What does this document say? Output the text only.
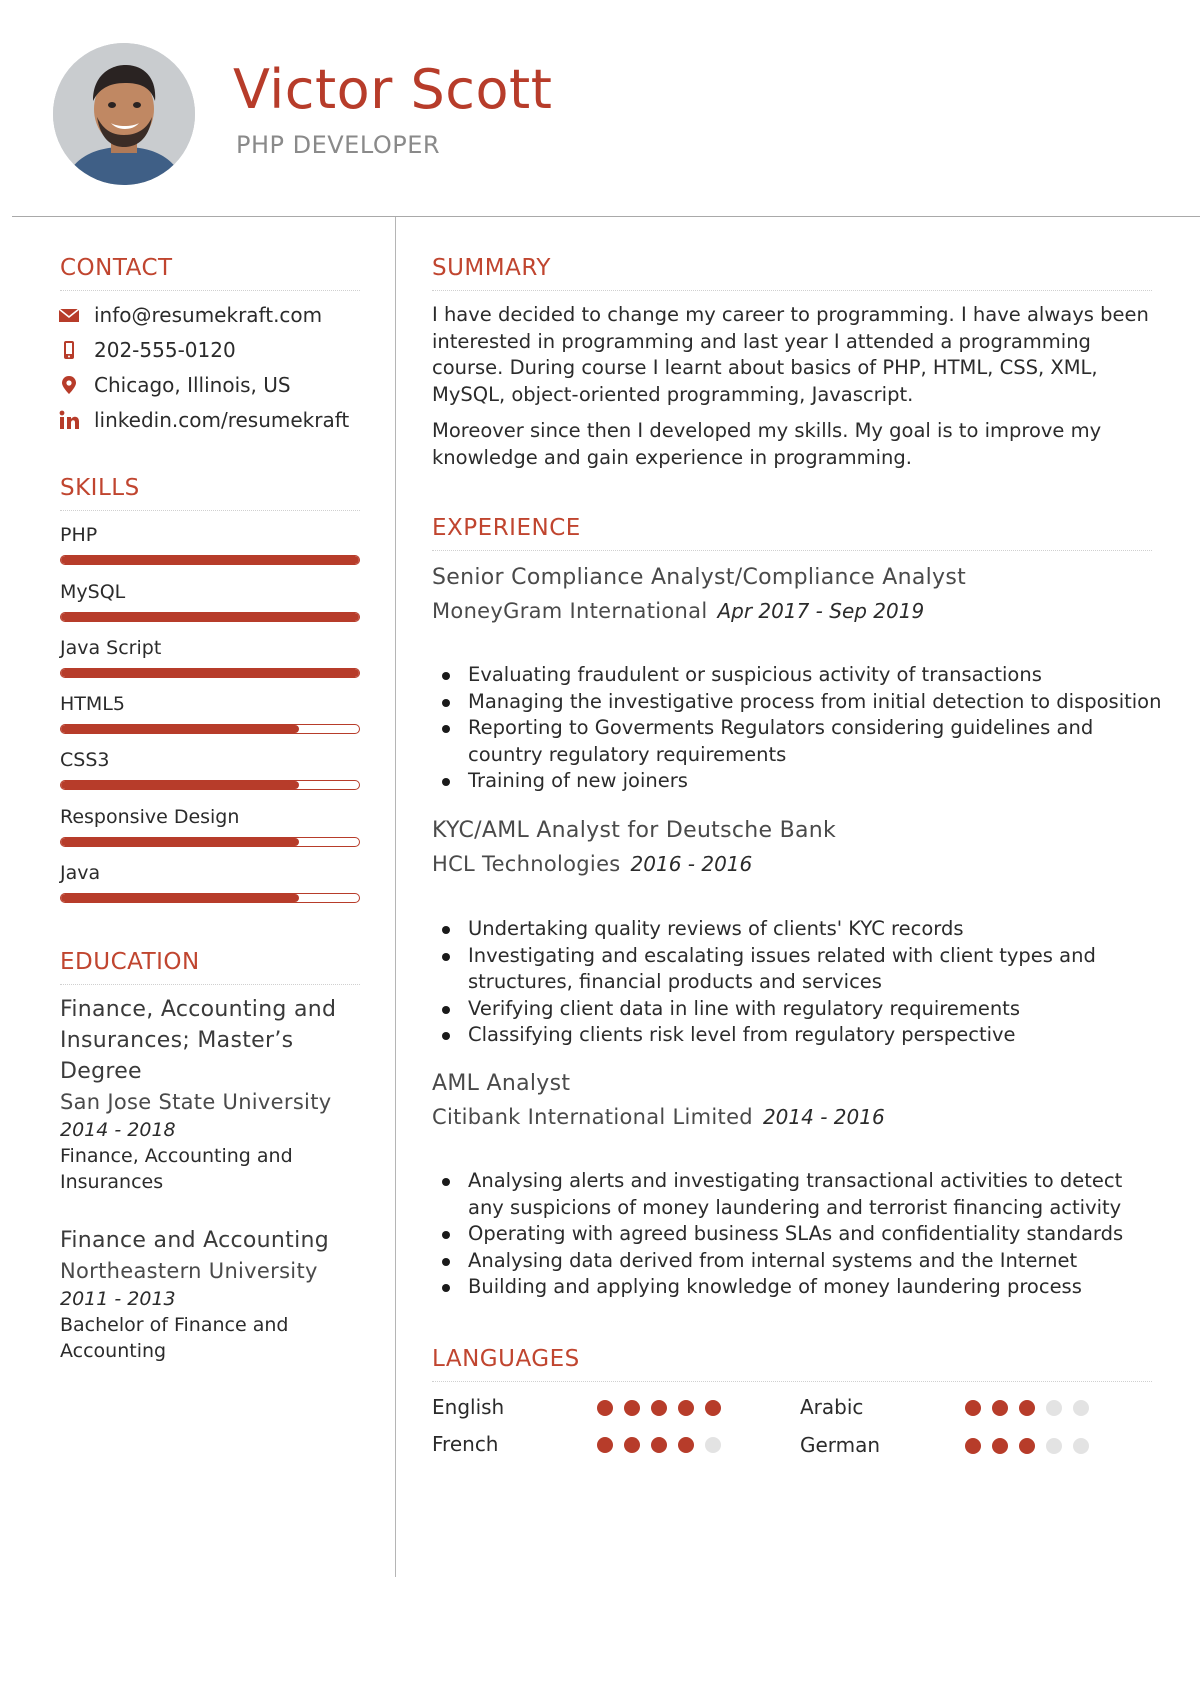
Victor Scott
PHP DEVELOPER
CONTACT
info@resumekraft.com
202-555-0120
Chicago, Illinois, US
linkedin.com/resumekraft
SKILLS
PHP
MySQL
Java Script
HTML5
CSS3
Responsive Design
Java
EDUCATION
Finance, Accounting and Insurances; Master’s Degree
San Jose State University
2014 - 2018
Finance, Accounting and Insurances
Finance and Accounting
Northeastern University
2011 - 2013
Bachelor of Finance and Accounting
SUMMARY

I have decided to change my career to programming. I have always been interested in programming and last year I attended a programming course. During course I learnt about basics of PHP, HTML, CSS, XML, MySQL, object-oriented programming, Javascript.

Moreover since then I developed my skills. My goal is to improve my knowledge and gain experience in programming.

EXPERIENCE
Senior Compliance Analyst/Compliance Analyst
MoneyGram International Apr 2017 - Sep 2019
Evaluating fraudulent or suspicious activity of transactions
Managing the investigative process from initial detection to disposition
Reporting to Goverments Regulators considering guidelines and country regulatory requirements
Training of new joiners
KYC/AML Analyst for Deutsche Bank
HCL Technologies 2016 - 2016
Undertaking quality reviews of clients' KYC records
Investigating and escalating issues related with client types and structures, financial products and services
Verifying client data in line with regulatory requirements
Classifying clients risk level from regulatory perspective
AML Analyst
Citibank International Limited 2014 - 2016
Analysing alerts and investigating transactional activities to detect any suspicions of money laundering and terrorist financing activity
Operating with agreed business SLAs and confidentiality standards
Analysing data derived from internal systems and the Internet
Building and applying knowledge of money laundering process
LANGUAGES
English	Arabic
French	German
